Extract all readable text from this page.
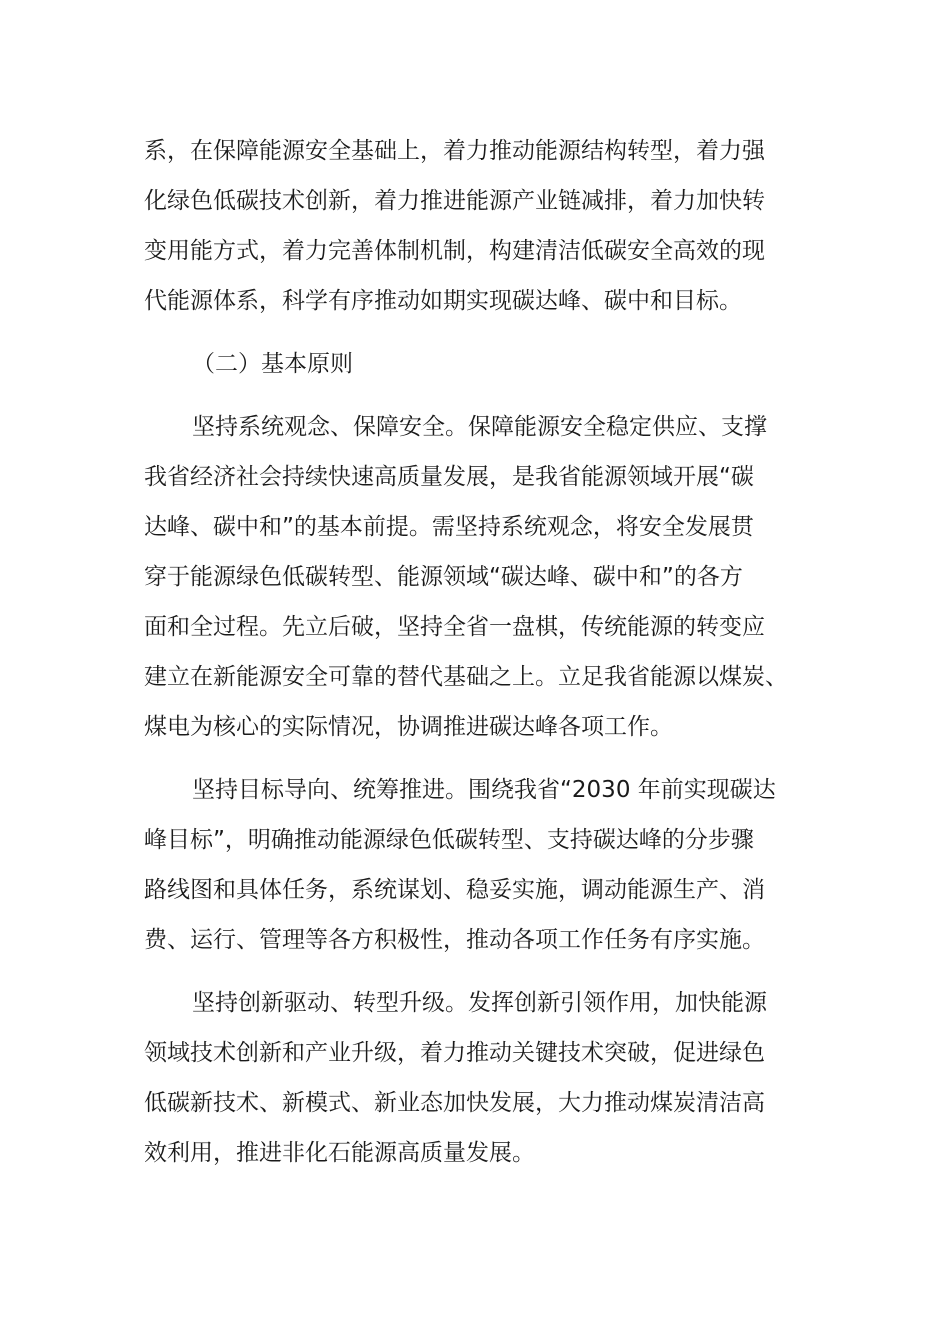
系，在保障能源安全基础上，着力推动能源结构转型，着力强
化绿色低碳技术创新，着力推进能源产业链减排，着力加快转
变用能方式，着力完善体制机制，构建清洁低碳安全高效的现
代能源体系，科学有序推动如期实现碳达峰、碳中和目标。
（二）基本原则
坚持系统观念、保障安全。保障能源安全稳定供应、支撑
我省经济社会持续快速高质量发展，是我省能源领域开展“碳
达峰、碳中和”的基本前提。需坚持系统观念，将安全发展贯
穿于能源绿色低碳转型、能源领域“碳达峰、碳中和”的各方
面和全过程。先立后破，坚持全省一盘棋，传统能源的转变应
建立在新能源安全可靠的替代基础之上。立足我省能源以煤炭、
煤电为核心的实际情况，协调推进碳达峰各项工作。
坚持目标导向、统筹推进。围绕我省“2030 年前实现碳达
峰目标”，明确推动能源绿色低碳转型、支持碳达峰的分步骤
路线图和具体任务，系统谋划、稳妥实施，调动能源生产、消
费、运行、管理等各方积极性，推动各项工作任务有序实施。
坚持创新驱动、转型升级。发挥创新引领作用，加快能源
领域技术创新和产业升级，着力推动关键技术突破，促进绿色
低碳新技术、新模式、新业态加快发展，大力推动煤炭清洁高
效利用，推进非化石能源高质量发展。
